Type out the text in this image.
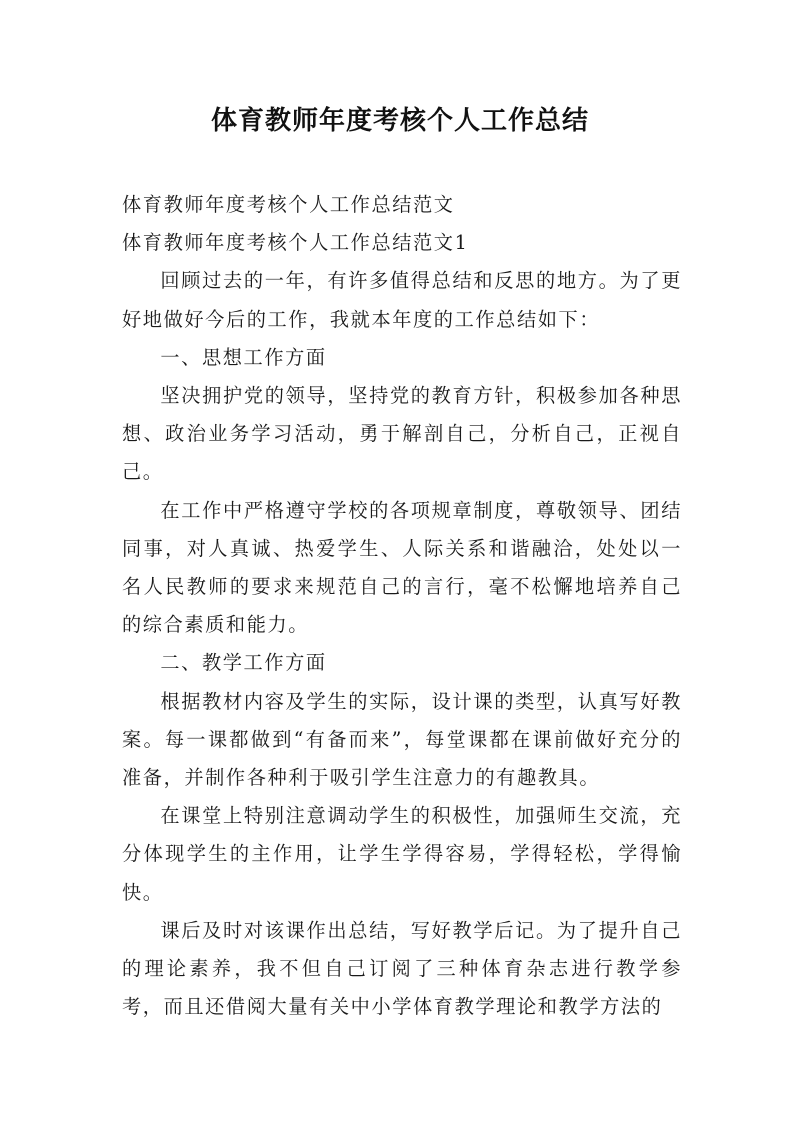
体育教师年度考核个人工作总结

体育教师年度考核个人工作总结范文

体育教师年度考核个人工作总结范文1

回顾过去的一年，有许多值得总结和反思的地方。为了更好地做好今后的工作，我就本年度的工作总结如下：

一、思想工作方面

坚决拥护党的领导，坚持党的教育方针，积极参加各种思想、政治业务学习活动，勇于解剖自己，分析自己，正视自己。

在工作中严格遵守学校的各项规章制度，尊敬领导、团结同事，对人真诚、热爱学生、人际关系和谐融洽，处处以一名人民教师的要求来规范自己的言行，毫不松懈地培养自己的综合素质和能力。

二、教学工作方面

根据教材内容及学生的实际，设计课的类型，认真写好教案。每一课都做到“有备而来”，每堂课都在课前做好充分的准备，并制作各种利于吸引学生注意力的有趣教具。

在课堂上特别注意调动学生的积极性，加强师生交流，充分体现学生的主作用，让学生学得容易，学得轻松，学得愉快。

课后及时对该课作出总结，写好教学后记。为了提升自己的理论素养，我不但自己订阅了三种体育杂志进行教学参考，而且还借阅大量有关中小学体育教学理论和教学方法的
